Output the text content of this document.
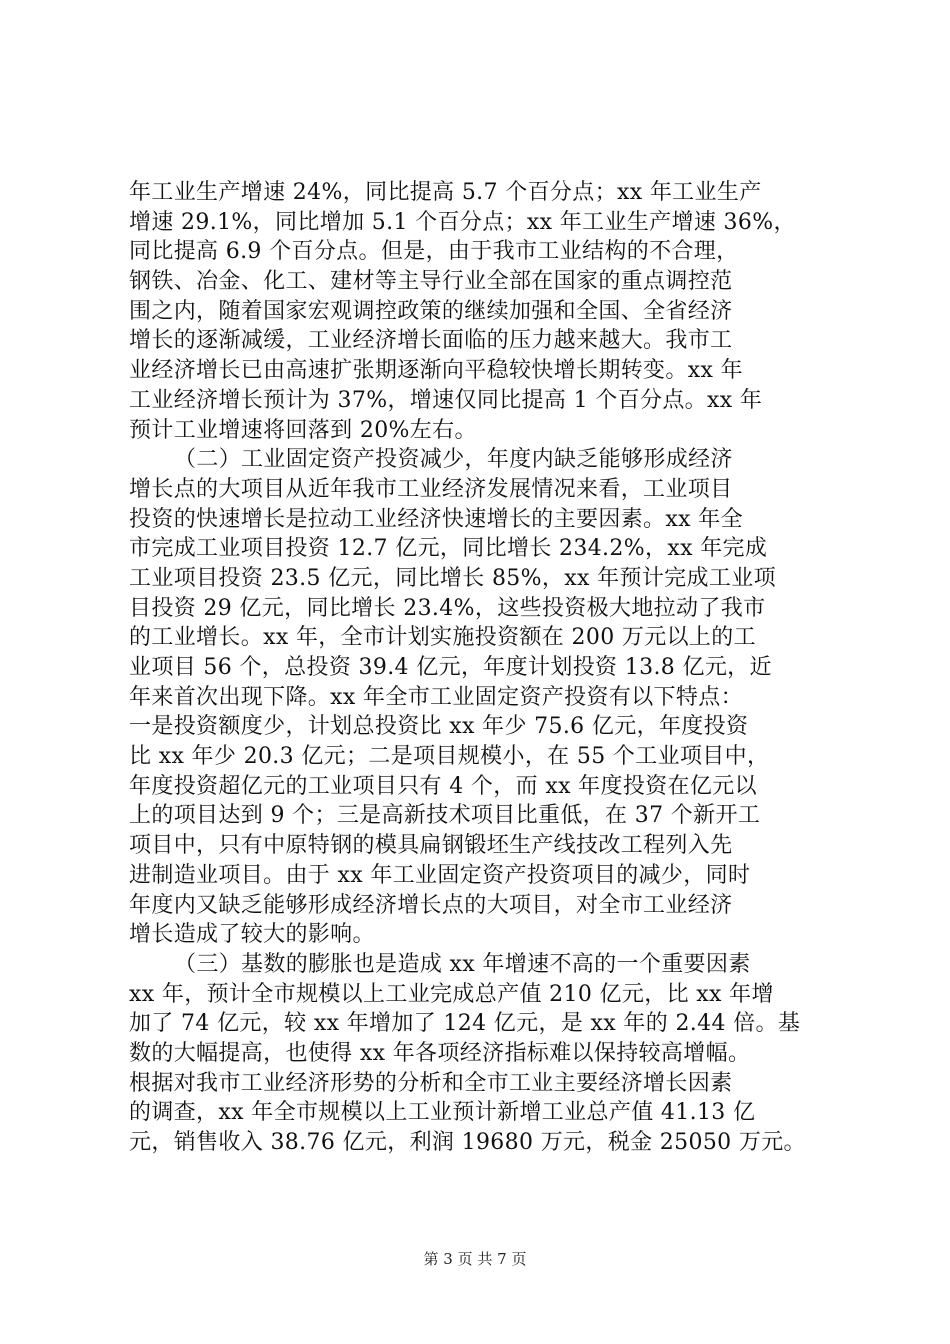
年工业生产增速 24%，同比提高 5.7 个百分点；xx 年工业生产
增速 29.1%，同比增加 5.1 个百分点；xx 年工业生产增速 36%，
同比提高 6.9 个百分点。但是，由于我市工业结构的不合理，
钢铁、冶金、化工、建材等主导行业全部在国家的重点调控范
围之内，随着国家宏观调控政策的继续加强和全国、全省经济
增长的逐渐减缓，工业经济增长面临的压力越来越大。我市工
业经济增长已由高速扩张期逐渐向平稳较快增长期转变。xx 年
工业经济增长预计为 37%，增速仅同比提高 1 个百分点。xx 年
预计工业增速将回落到 20%左右。
（二）工业固定资产投资减少，年度内缺乏能够形成经济
增长点的大项目从近年我市工业经济发展情况来看，工业项目
投资的快速增长是拉动工业经济快速增长的主要因素。xx 年全
市完成工业项目投资 12.7 亿元，同比增长 234.2%，xx 年完成
工业项目投资 23.5 亿元，同比增长 85%，xx 年预计完成工业项
目投资 29 亿元，同比增长 23.4%，这些投资极大地拉动了我市
的工业增长。xx 年，全市计划实施投资额在 200 万元以上的工
业项目 56 个，总投资 39.4 亿元，年度计划投资 13.8 亿元，近
年来首次出现下降。xx 年全市工业固定资产投资有以下特点：
一是投资额度少，计划总投资比 xx 年少 75.6 亿元，年度投资
比 xx 年少 20.3 亿元；二是项目规模小，在 55 个工业项目中，
年度投资超亿元的工业项目只有 4 个，而 xx 年度投资在亿元以
上的项目达到 9 个；三是高新技术项目比重低，在 37 个新开工
项目中，只有中原特钢的模具扁钢锻坯生产线技改工程列入先
进制造业项目。由于 xx 年工业固定资产投资项目的减少，同时
年度内又缺乏能够形成经济增长点的大项目，对全市工业经济
增长造成了较大的影响。
（三）基数的膨胀也是造成 xx 年增速不高的一个重要因素
xx 年，预计全市规模以上工业完成总产值 210 亿元，比 xx 年增
加了 74 亿元，较 xx 年增加了 124 亿元，是 xx 年的 2.44 倍。基
数的大幅提高，也使得 xx 年各项经济指标难以保持较高增幅。
根据对我市工业经济形势的分析和全市工业主要经济增长因素
的调查，xx 年全市规模以上工业预计新增工业总产值 41.13 亿
元，销售收入 38.76 亿元，利润 19680 万元，税金 25050 万元。
第 3 页 共 7 页
